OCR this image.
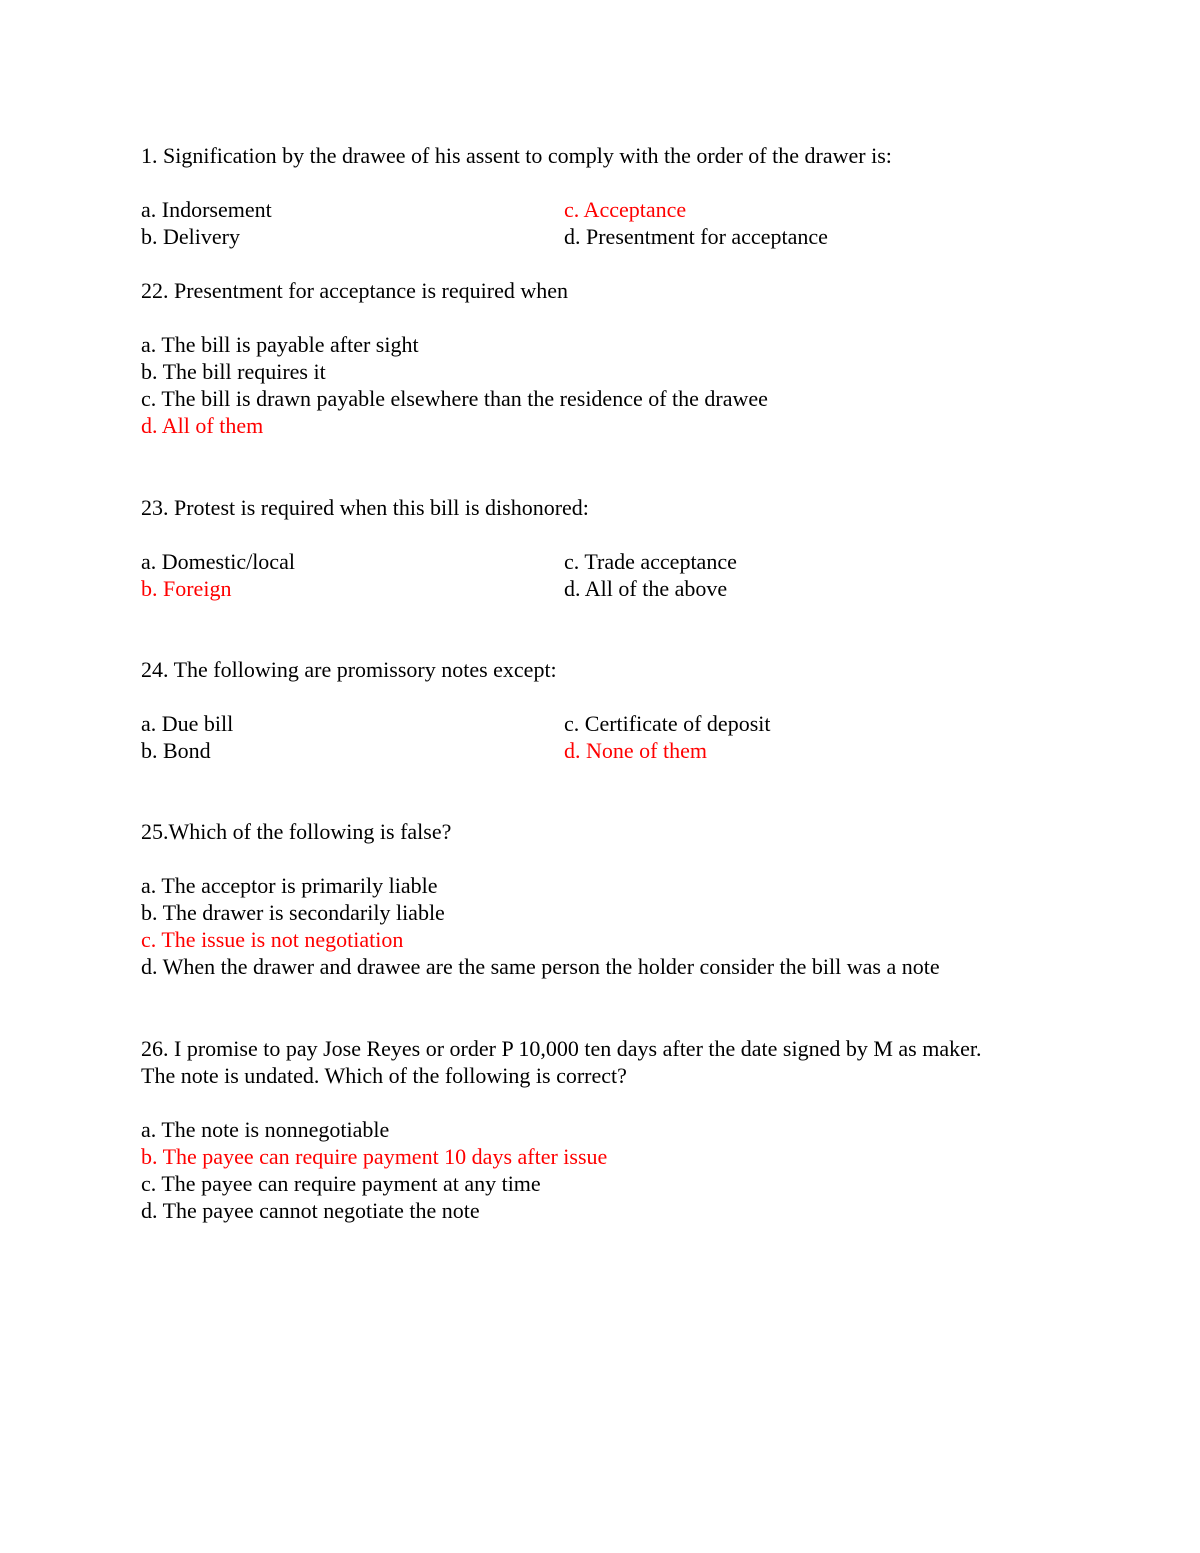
1. Signification by the drawee of his assent to comply with the order of the drawer is:
a. Indorsement
b. Delivery
c. Acceptance
d. Presentment for acceptance
22. Presentment for acceptance is required when
a. The bill is payable after sight
b. The bill requires it
c. The bill is drawn payable elsewhere than the residence of the drawee
d. All of them
23. Protest is required when this bill is dishonored:
a. Domestic/local
b. Foreign
c. Trade acceptance
d. All of the above
24. The following are promissory notes except:
a. Due bill
b. Bond
c. Certificate of deposit
d. None of them
25.Which of the following is false?
a. The acceptor is primarily liable
b. The drawer is secondarily liable
c. The issue is not negotiation
d. When the drawer and drawee are the same person the holder consider the bill was a note
26. I promise to pay Jose Reyes or order P 10,000 ten days after the date signed by M as maker.
The note is undated. Which of the following is correct?
a. The note is nonnegotiable
b. The payee can require payment 10 days after issue
c. The payee can require payment at any time
d. The payee cannot negotiate the note
